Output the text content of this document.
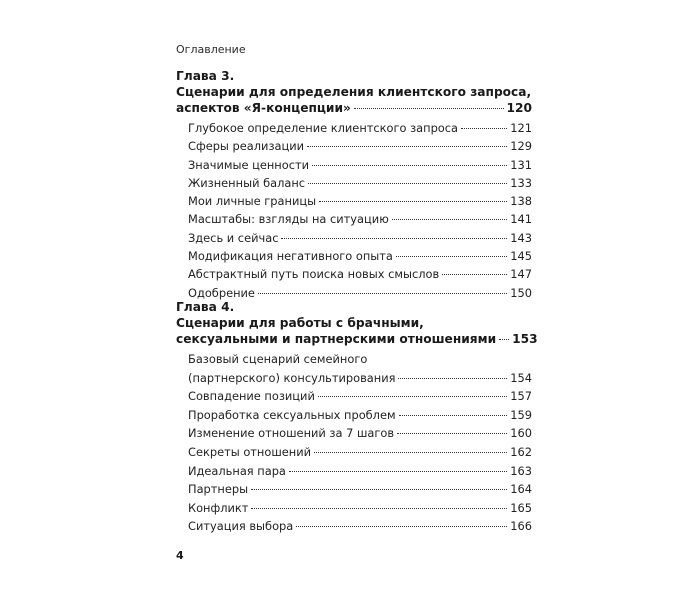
Оглавление
Глава 3.
Сценарии для определения клиентского запроса,
аспектов «Я-концепции»	120
Глубокое определение клиентского запроса	121
Сферы реализации	129
Значимые ценности	131
Жизненный баланс	133
Мои личные границы	138
Масштабы: взгляды на ситуацию	141
Здесь и сейчас	143
Модификация негативного опыта	145
Абстрактный путь поиска новых смыслов	147
Одобрение	150
Глава 4.
Сценарии для работы с брачными,
сексуальными и партнерскими отношениями 153
Базовый сценарий семейного
(партнерского) консультирования	154
Совпадение позиций	157
Проработка сексуальных проблем	159
Изменение отношений за 7 шагов	160
Секреты отношений	162
Идеальная пара	163
Партнеры	164
Конфликт	165
Ситуация выбора	166
4
